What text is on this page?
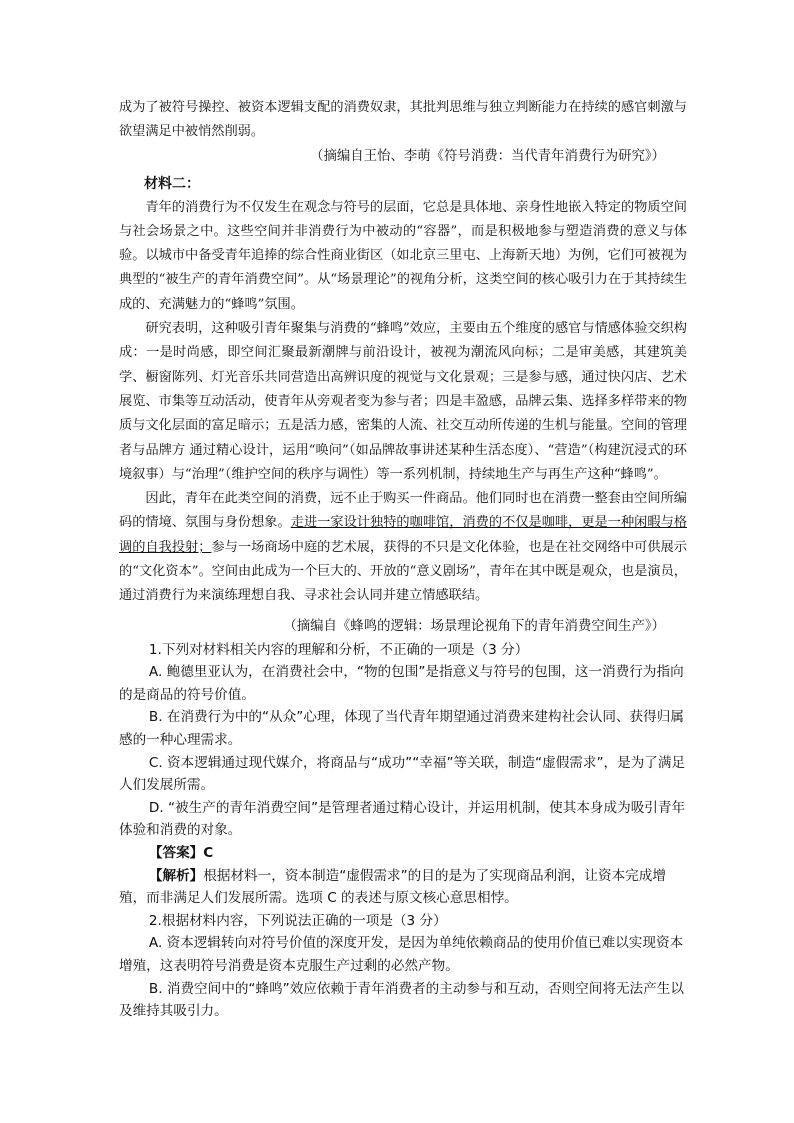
成为了被符号操控、被资本逻辑支配的消费奴隶，其批判思维与独立判断能力在持续的感官刺激与欲望满足中被悄然削弱。

（摘编自王怡、李萌《符号消费：当代青年消费行为研究》）

材料二：

青年的消费行为不仅发生在观念与符号的层面，它总是具体地、亲身性地嵌入特定的物质空间与社会场景之中。这些空间并非消费行为中被动的“容器”，而是积极地参与塑造消费的意义与体验。以城市中备受青年追捧的综合性商业街区（如北京三里屯、上海新天地）为例，它们可被视为典型的“被生产的青年消费空间”。从“场景理论”的视角分析，这类空间的核心吸引力在于其持续生成的、充满魅力的“蜂鸣”氛围。

研究表明，这种吸引青年聚集与消费的“蜂鸣”效应，主要由五个维度的感官与情感体验交织构成：一是时尚感，即空间汇聚最新潮牌与前沿设计，被视为潮流风向标；二是审美感，其建筑美学、橱窗陈列、灯光音乐共同营造出高辨识度的视觉与文化景观；三是参与感，通过快闪店、艺术展览、市集等互动活动，使青年从旁观者变为参与者；四是丰盈感，品牌云集、选择多样带来的物质与文化层面的富足暗示；五是活力感，密集的人流、社交互动所传递的生机与能量。空间的管理者与品牌方 通过精心设计，运用“唤问”（如品牌故事讲述某种生活态度）、“营造”（构建沉浸式的环境叙事）与“治理”（维护空间的秩序与调性）等一系列机制，持续地生产与再生产这种“蜂鸣”。

因此，青年在此类空间的消费，远不止于购买一件商品。他们同时也在消费一整套由空间所编码的情境、氛围与身份想象。走进一家设计独特的咖啡馆，消费的不仅是咖啡，更是一种闲暇与格调的自我投射；参与一场商场中庭的艺术展，获得的不只是文化体验，也是在社交网络中可供展示的“文化资本”。空间由此成为一个巨大的、开放的“意义剧场”，青年在其中既是观众，也是演员，通过消费行为来演练理想自我、寻求社会认同并建立情感联结。

（摘编自《蜂鸣的逻辑：场景理论视角下的青年消费空间生产》）

1.下列对材料相关内容的理解和分析，不正确的一项是（3 分）

A. 鲍德里亚认为，在消费社会中，“物的包围”是指意义与符号的包围，这一消费行为指向的是商品的符号价值。

B. 在消费行为中的“从众”心理，体现了当代青年期望通过消费来建构社会认同、获得归属感的一种心理需求。

C. 资本逻辑通过现代媒介，将商品与“成功”“幸福”等关联，制造“虚假需求”，是为了满足人们发展所需。

D. “被生产的青年消费空间”是管理者通过精心设计，并运用机制，使其本身成为吸引青年体验和消费的对象。

【答案】C

【解析】根据材料一，资本制造“虚假需求”的目的是为了实现商品利润，让资本完成增殖，而非满足人们发展所需。选项 C 的表述与原文核心意思相悖。

2.根据材料内容，下列说法正确的一项是（3 分）

A. 资本逻辑转向对符号价值的深度开发，是因为单纯依赖商品的使用价值已难以实现资本增殖，这表明符号消费是资本克服生产过剩的必然产物。

B. 消费空间中的“蜂鸣”效应依赖于青年消费者的主动参与和互动，否则空间将无法产生以及维持其吸引力。
